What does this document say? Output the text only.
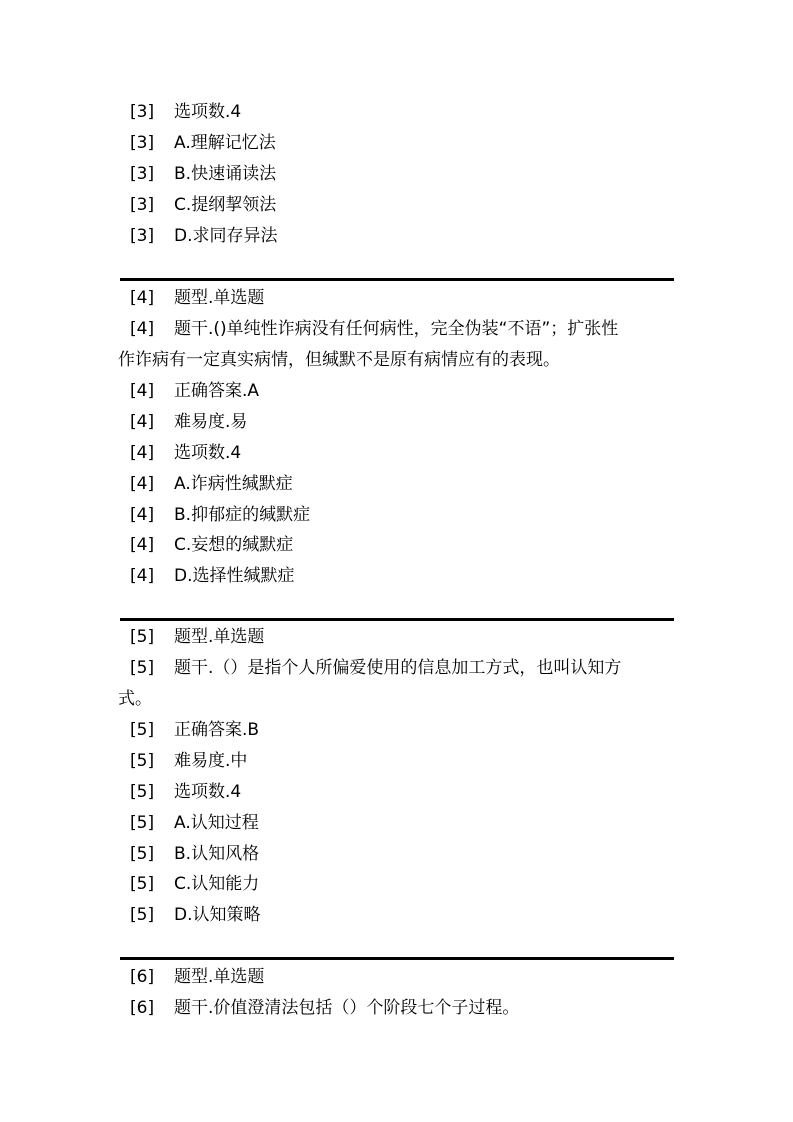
[3] 选项数.4
[3] A.理解记忆法
[3] B.快速诵读法
[3] C.提纲挈领法
[3] D.求同存异法
[4] 题型.单选题
[4] 题干.()单纯性诈病没有任何病性，完全伪装“不语”；扩张性
作诈病有一定真实病情，但缄默不是原有病情应有的表现。
[4] 正确答案.A
[4] 难易度.易
[4] 选项数.4
[4] A.诈病性缄默症
[4] B.抑郁症的缄默症
[4] C.妄想的缄默症
[4] D.选择性缄默症
[5] 题型.单选题
[5] 题干.（）是指个人所偏爱使用的信息加工方式，也叫认知方
式。
[5] 正确答案.B
[5] 难易度.中
[5] 选项数.4
[5] A.认知过程
[5] B.认知风格
[5] C.认知能力
[5] D.认知策略
[6] 题型.单选题
[6] 题干.价值澄清法包括（）个阶段七个子过程。
